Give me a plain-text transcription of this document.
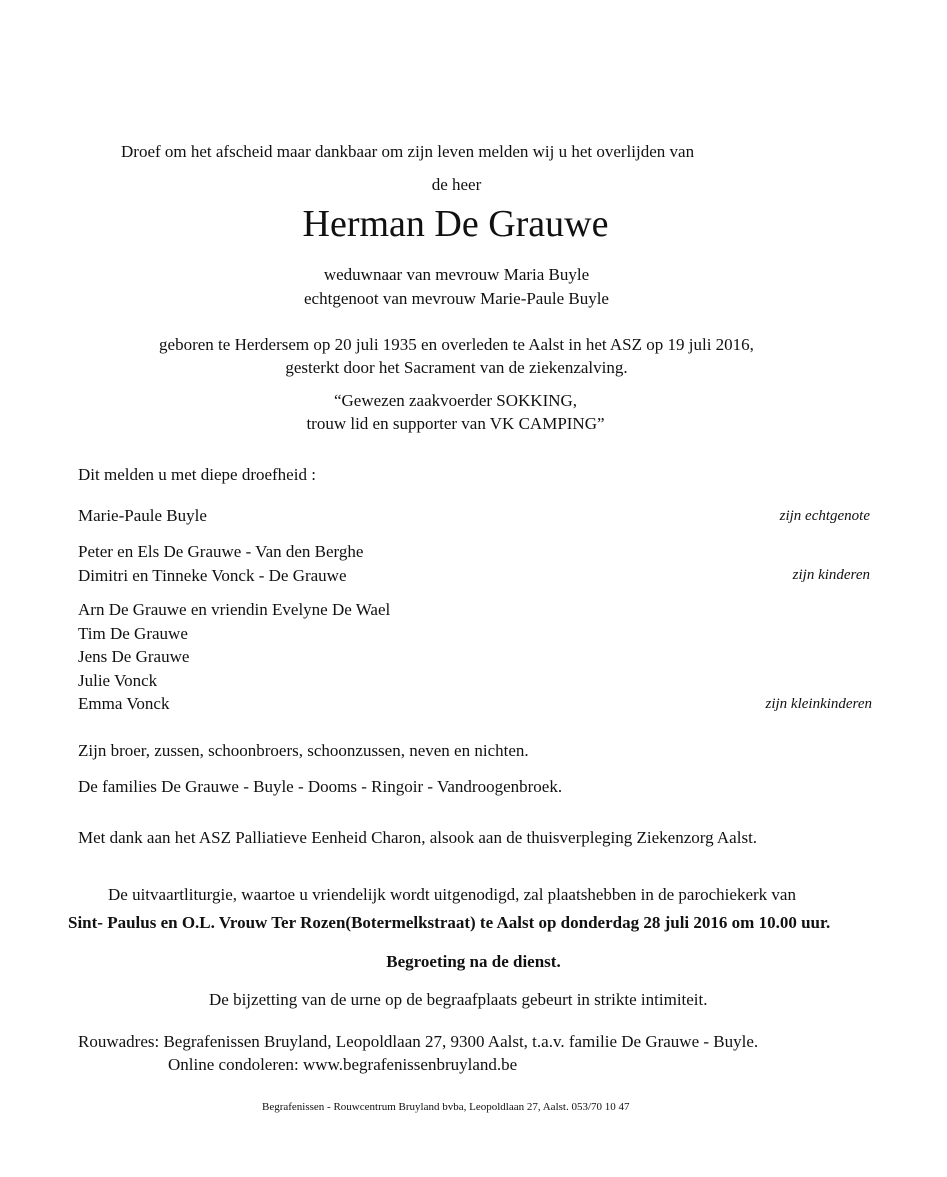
Droef om het afscheid maar dankbaar om zijn leven melden wij u het overlijden van
de heer
Herman De Grauwe
weduwnaar van mevrouw Maria Buyle
echtgenoot van mevrouw Marie-Paule Buyle
geboren te Herdersem op 20 juli 1935 en overleden te Aalst in het ASZ op 19 juli 2016,
gesterkt door het Sacrament van de ziekenzalving.
“Gewezen zaakvoerder SOKKING,
trouw lid en supporter van VK CAMPING”
Dit melden u met diepe droefheid :
Marie-Paule Buyle	zijn echtgenote
Peter en Els De Grauwe - Van den Berghe
Dimitri en Tinneke Vonck - De Grauwe	zijn kinderen
Arn De Grauwe en vriendin Evelyne De Wael
Tim De Grauwe
Jens De Grauwe
Julie Vonck
Emma Vonck	zijn kleinkinderen
Zijn broer, zussen, schoonbroers, schoonzussen, neven en nichten.
De families De Grauwe - Buyle - Dooms - Ringoir - Vandroogenbroek.
Met dank aan het ASZ Palliatieve Eenheid Charon, alsook aan de thuisverpleging Ziekenzorg Aalst.
De uitvaartliturgie, waartoe u vriendelijk wordt uitgenodigd, zal plaatshebben in de parochiekerk van
Sint- Paulus en O.L. Vrouw Ter Rozen(Botermelkstraat) te Aalst op donderdag 28 juli 2016 om 10.00 uur.
Begroeting na de dienst.
De bijzetting van de urne op de begraafplaats gebeurt in strikte intimiteit.
Rouwadres: Begrafenissen Bruyland, Leopoldlaan 27, 9300 Aalst, t.a.v. familie De Grauwe - Buyle.
Online condoleren: www.begrafenissenbruyland.be
Begrafenissen - Rouwcentrum Bruyland bvba, Leopoldlaan 27, Aalst. 053/70 10 47
